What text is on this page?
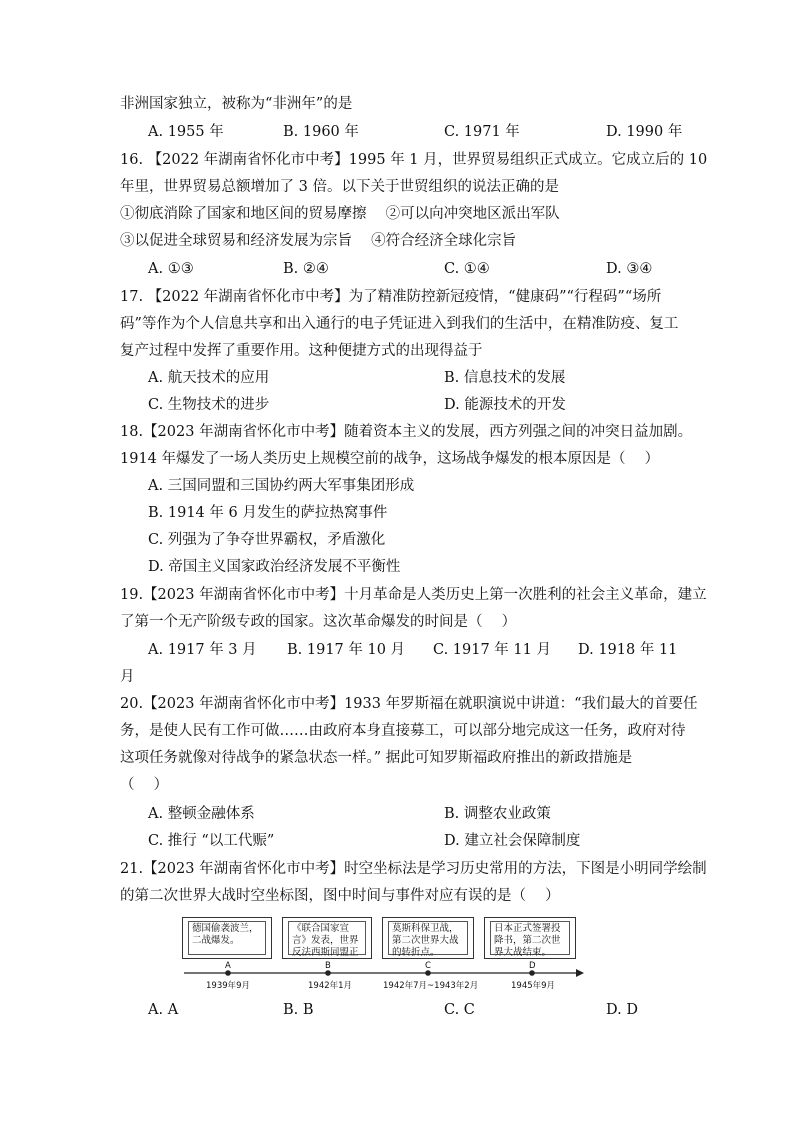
非洲国家独立，被称为“非洲年”的是
A. 1955 年	B. 1960 年	C. 1971 年	D. 1990 年
16. 【2022 年湖南省怀化市中考】1995 年 1 月，世界贸易组织正式成立。它成立后的 10
年里，世界贸易总额增加了 3 倍。以下关于世贸组织的说法正确的是
①彻底消除了国家和地区间的贸易摩擦　 ②可以向冲突地区派出军队
③以促进全球贸易和经济发展为宗旨　 ④符合经济全球化宗旨
A. ①③	B. ②④	C. ①④	D. ③④
17. 【2022 年湖南省怀化市中考】为了精准防控新冠疫情，“健康码”“行程码”“场所
码”等作为个人信息共享和出入通行的电子凭证进入到我们的生活中，在精准防疫、复工
复产过程中发挥了重要作用。这种便捷方式的出现得益于
A. 航天技术的应用	B. 信息技术的发展
C. 生物技术的进步	D. 能源技术的开发
18.【2023 年湖南省怀化市中考】随着资本主义的发展，西方列强之间的冲突日益加剧。
1914 年爆发了一场人类历史上规模空前的战争，这场战争爆发的根本原因是（　 ）
A. 三国同盟和三国协约两大军事集团形成
B. 1914 年 6 月发生的萨拉热窝事件
C. 列强为了争夺世界霸权，矛盾激化
D. 帝国主义国家政治经济发展不平衡性
19.【2023 年湖南省怀化市中考】十月革命是人类历史上第一次胜利的社会主义革命，建立
了第一个无产阶级专政的国家。这次革命爆发的时间是（　 ）
A. 1917 年 3 月 B. 1917 年 10 月 C. 1917 年 11 月 D. 1918 年 11
月
20.【2023 年湖南省怀化市中考】1933 年罗斯福在就职演说中讲道：“我们最大的首要任
务，是使人民有工作可做……由政府本身直接募工，可以部分地完成这一任务，政府对待
这项任务就像对待战争的紧急状态一样。” 据此可知罗斯福政府推出的新政措施是
（　 ）
A. 整顿金融体系	B. 调整农业政策
C. 推行 “以工代赈”	D. 建立社会保障制度
21.【2023 年湖南省怀化市中考】时空坐标法是学习历史常用的方法，下图是小明同学绘制
的第二次世界大战时空坐标图，图中时间与事件对应有误的是（　 ）
德国偷袭波兰，二战爆发。
《联合国家宣言》发表，世界反法西斯同盟正
莫斯科保卫战，第二次世界大战的转折点。
日本正式签署投降书，第二次世界大战结束。
A	B	C	D
1939年9月	1942年1月	1942年7月~1943年2月	1945年9月
A. A	B. B	C. C	D. D
